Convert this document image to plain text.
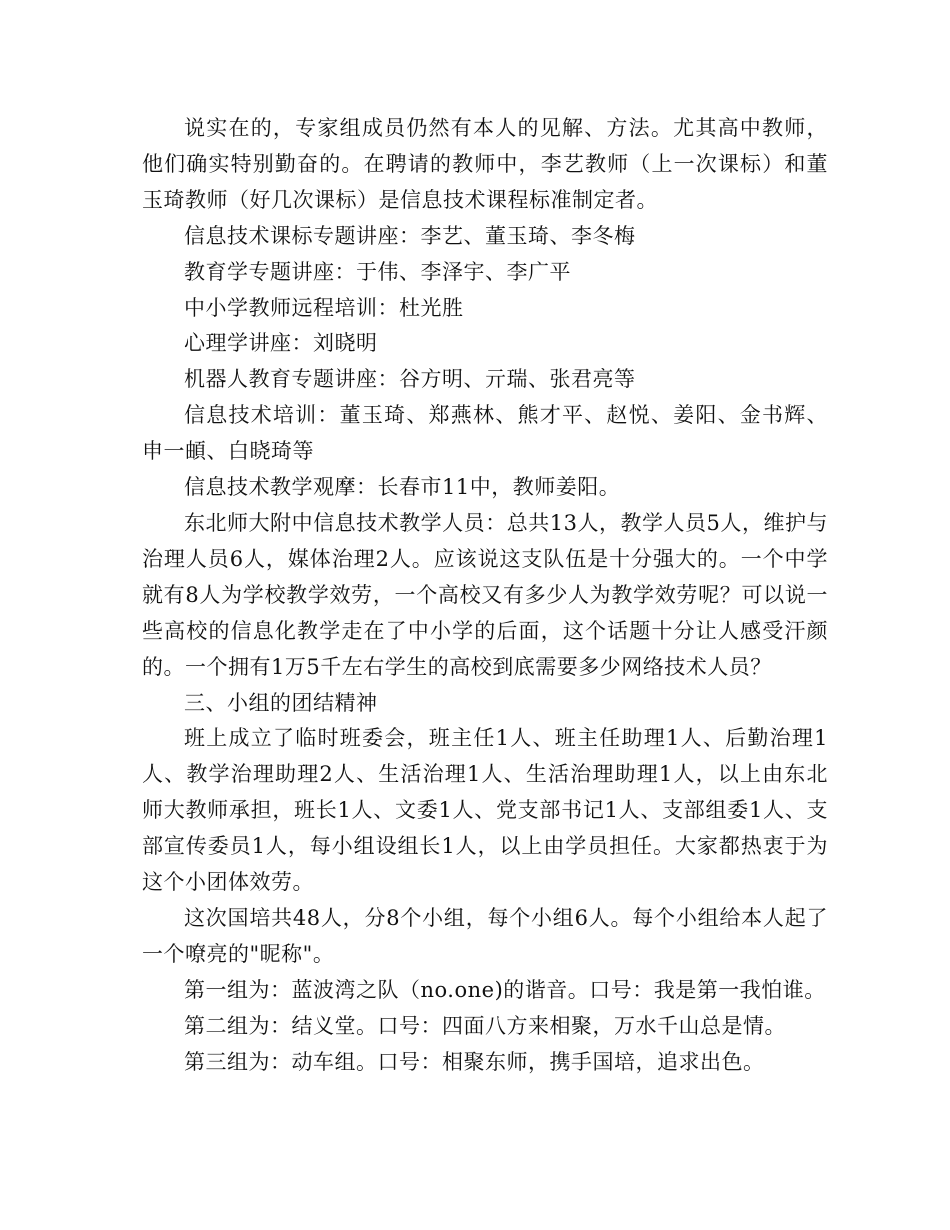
说实在的，专家组成员仍然有本人的见解、方法。尤其高中教师，他们确实特别勤奋的。在聘请的教师中，李艺教师（上一次课标）和董玉琦教师（好几次课标）是信息技术课程标准制定者。

信息技术课标专题讲座：李艺、董玉琦、李冬梅

教育学专题讲座：于伟、李泽宇、李广平

中小学教师远程培训：杜光胜

心理学讲座：刘晓明

机器人教育专题讲座：谷方明、亓瑞、张君亮等

信息技术培训：董玉琦、郑燕林、熊才平、赵悦、姜阳、金书辉、申一頔、白晓琦等

信息技术教学观摩：长春市11中，教师姜阳。

东北师大附中信息技术教学人员：总共13人，教学人员5人，维护与治理人员6人，媒体治理2人。应该说这支队伍是十分强大的。一个中学就有8人为学校教学效劳，一个高校又有多少人为教学效劳呢？可以说一些高校的信息化教学走在了中小学的后面，这个话题十分让人感受汗颜的。一个拥有1万5千左右学生的高校到底需要多少网络技术人员？

三、小组的团结精神

班上成立了临时班委会，班主任1人、班主任助理1人、后勤治理1人、教学治理助理2人、生活治理1人、生活治理助理1人，以上由东北师大教师承担，班长1人、文委1人、党支部书记1人、支部组委1人、支部宣传委员1人，每小组设组长1人，以上由学员担任。大家都热衷于为这个小团体效劳。

这次国培共48人，分8个小组，每个小组6人。每个小组给本人起了一个嘹亮的"昵称"。

第一组为：蓝波湾之队（no.one)的谐音。口号：我是第一我怕谁。

第二组为：结义堂。口号：四面八方来相聚，万水千山总是情。

第三组为：动车组。口号：相聚东师，携手国培，追求出色。
